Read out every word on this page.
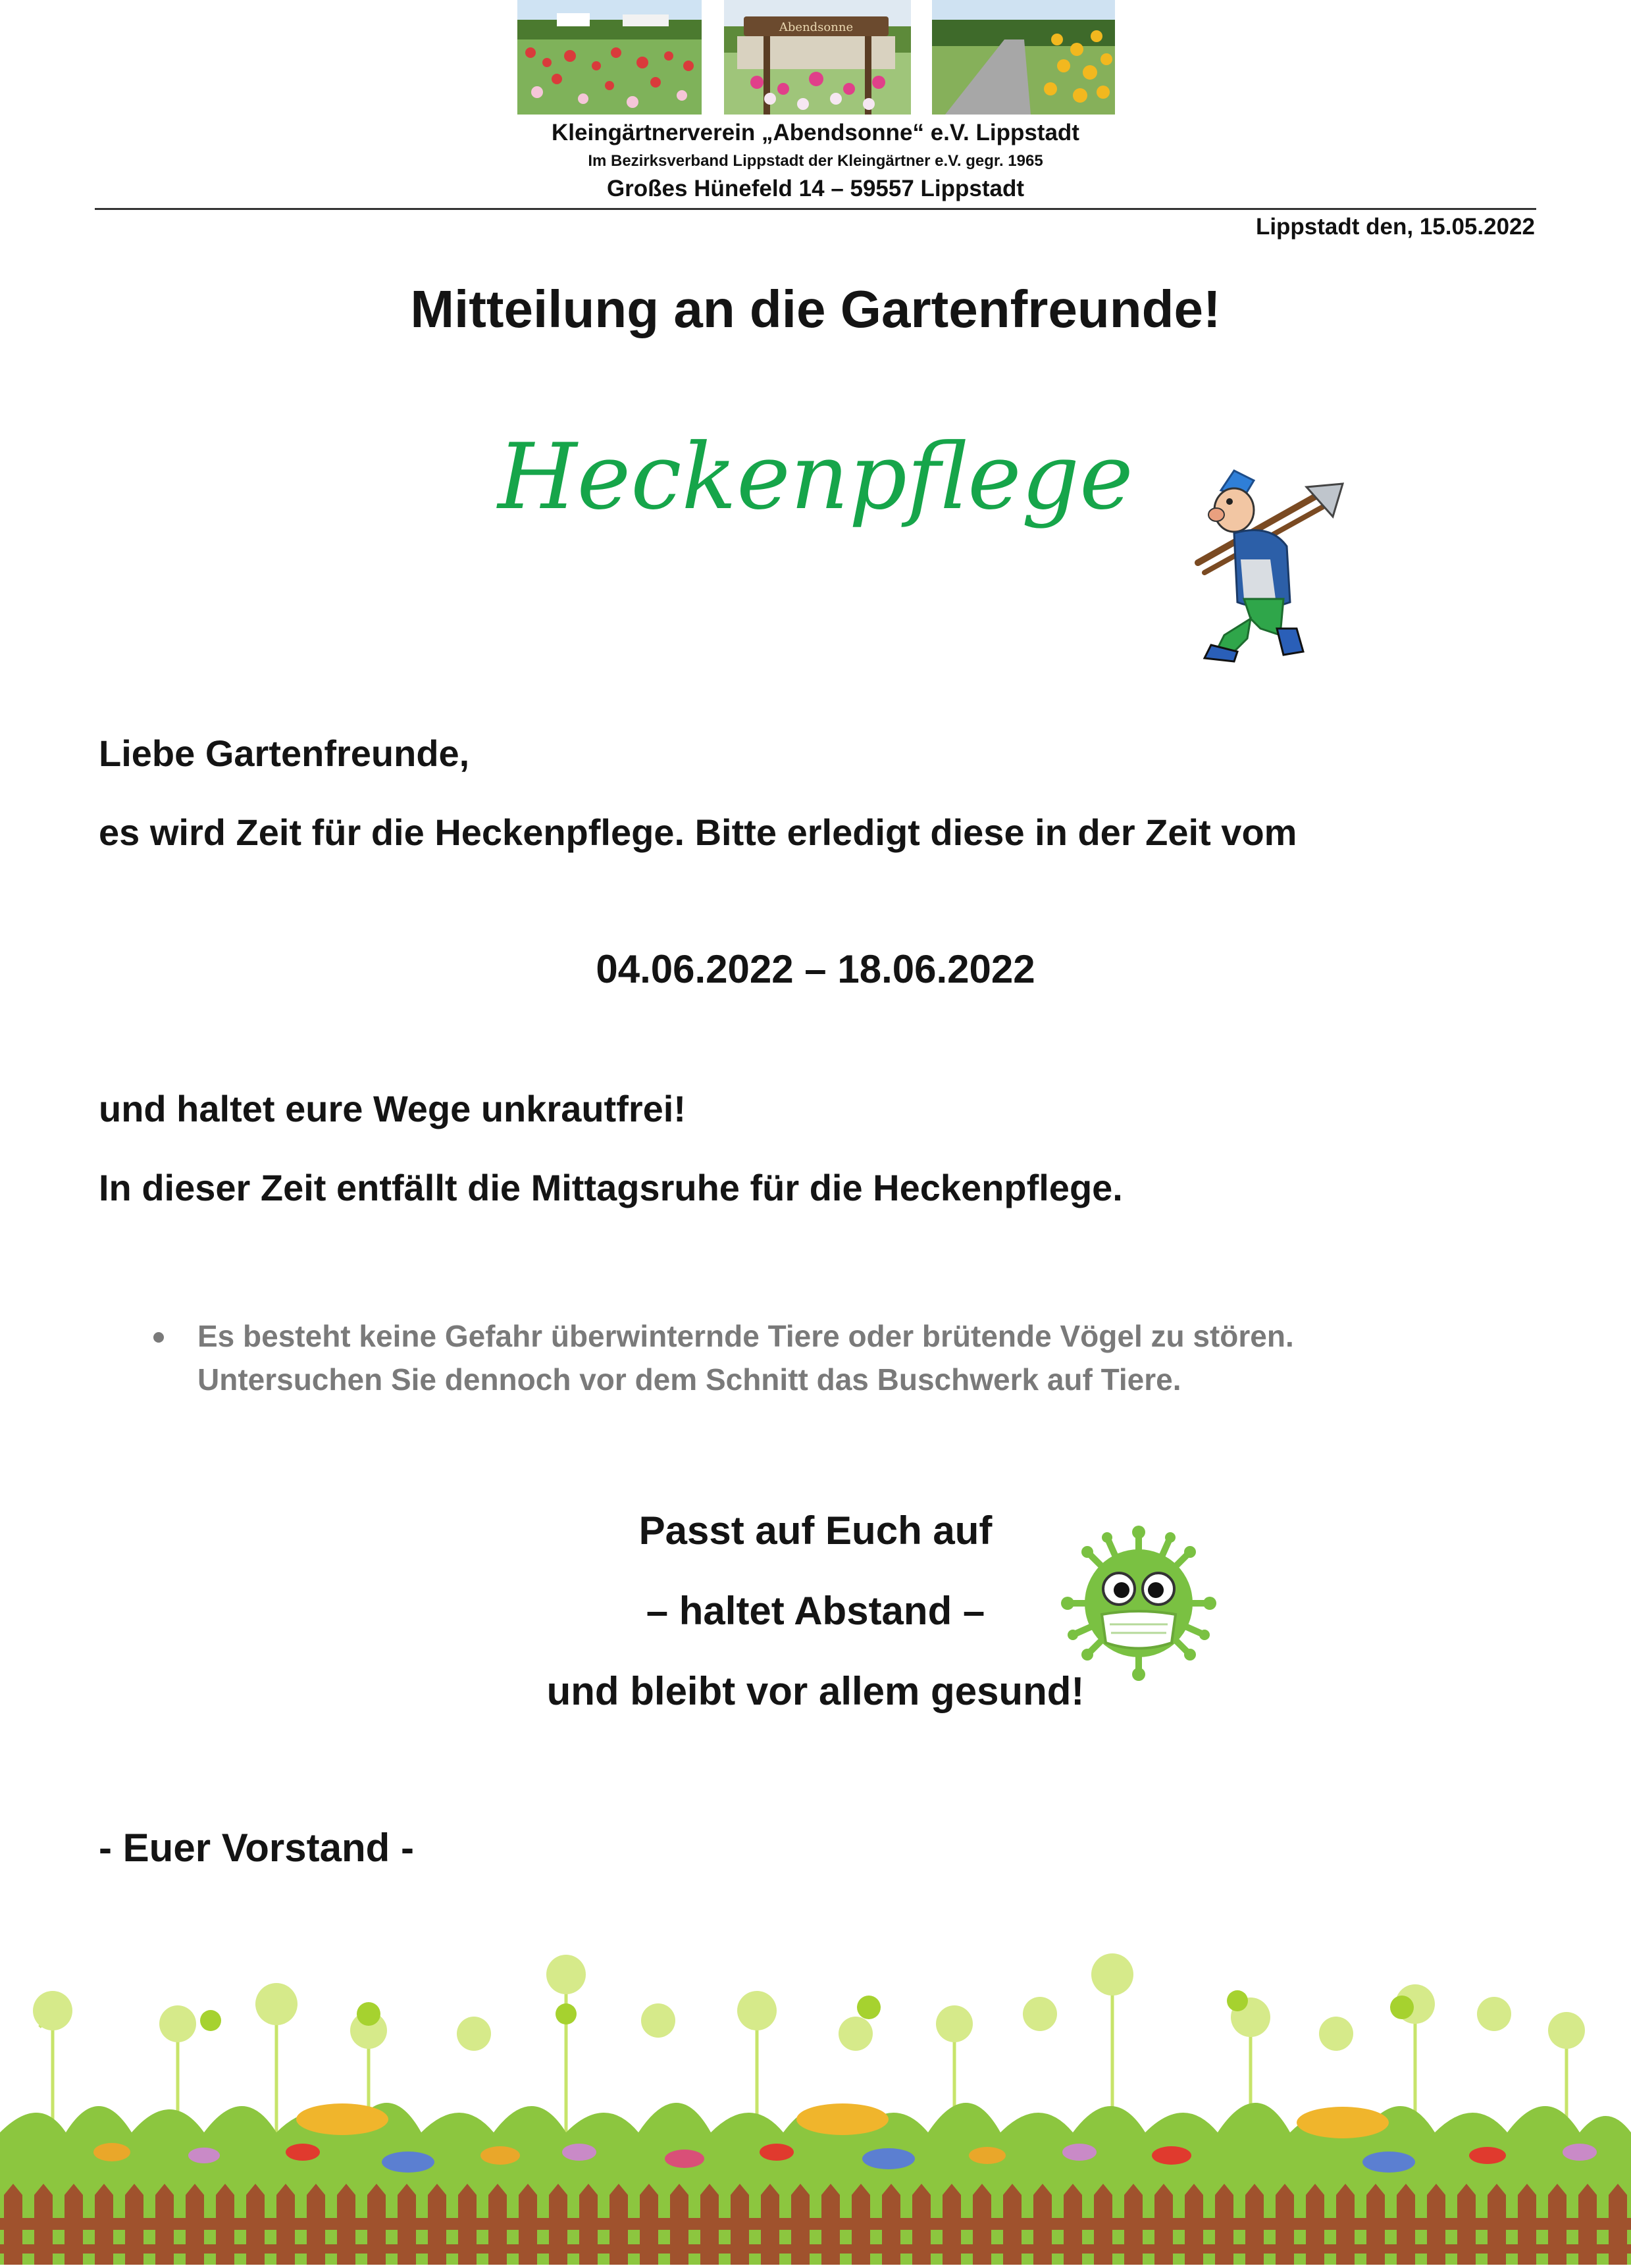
Abendsonne
Kleingärtnerverein „Abendsonne“ e.V. Lippstadt
Im Bezirksverband Lippstadt der Kleingärtner e.V. gegr. 1965
Großes Hünefeld 14 – 59557 Lippstadt
Lippstadt den, 15.05.2022
Mitteilung an die Gartenfreunde!
Heckenpflege
Liebe Gartenfreunde,
es wird Zeit für die Heckenpflege. Bitte erledigt diese in der Zeit vom
04.06.2022 – 18.06.2022
und haltet eure Wege unkrautfrei!
In dieser Zeit entfällt die Mittagsruhe für die Heckenpflege.
Es besteht keine Gefahr überwinternde Tiere oder brütende Vögel zu stören.
Untersuchen Sie dennoch vor dem Schnitt das Buschwerk auf Tiere.
Passt auf Euch auf
– haltet Abstand –
und bleibt vor allem gesund!
- Euer Vorstand -
